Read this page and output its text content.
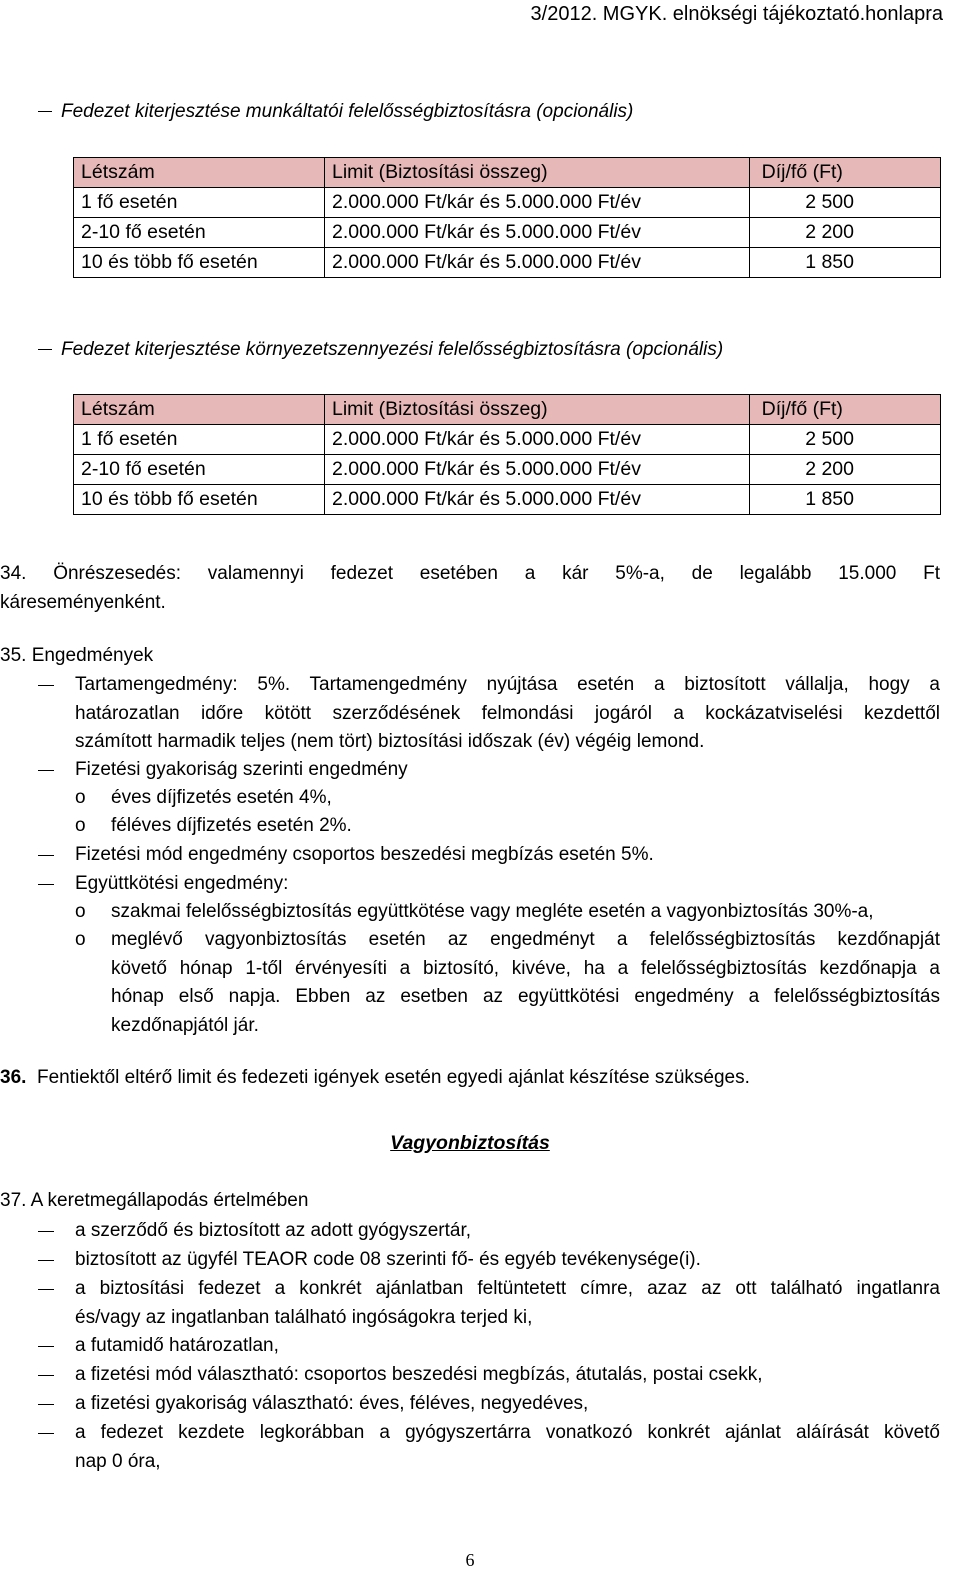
3/2012. MGYK. elnökségi tájékoztató.honlapra
Fedezet kiterjesztése munkáltatói felelősségbiztosításra (opcionális)
Létszám	Limit (Biztosítási összeg)	Díj/fő (Ft)
1 fő esetén	2.000.000 Ft/kár és 5.000.000 Ft/év	2 500
2-10 fő esetén	2.000.000 Ft/kár és 5.000.000 Ft/év	2 200
10 és több fő esetén	2.000.000 Ft/kár és 5.000.000 Ft/év	1 850
Fedezet kiterjesztése környezetszennyezési felelősségbiztosításra (opcionális)
Létszám	Limit (Biztosítási összeg)	Díj/fő (Ft)
1 fő esetén	2.000.000 Ft/kár és 5.000.000 Ft/év	2 500
2-10 fő esetén	2.000.000 Ft/kár és 5.000.000 Ft/év	2 200
10 és több fő esetén	2.000.000 Ft/kár és 5.000.000 Ft/év	1 850
34. Önrészesedés: valamennyi fedezet esetében a kár 5%-a, de legalább 15.000 Ft
káreseményenként.
35. Engedmények
Tartamengedmény: 5%. Tartamengedmény nyújtása esetén a biztosított vállalja, hogy a
határozatlan időre kötött szerződésének felmondási jogáról a kockázatviselési kezdettől
számított harmadik teljes (nem tört) biztosítási időszak (év) végéig lemond.
Fizetési gyakoriság szerinti engedmény
o éves díjfizetés esetén 4%,
o féléves díjfizetés esetén 2%.
Fizetési mód engedmény csoportos beszedési megbízás esetén 5%.
Együttkötési engedmény:
o szakmai felelősségbiztosítás együttkötése vagy megléte esetén a vagyonbiztosítás 30%-a,
o meglévő vagyonbiztosítás esetén az engedményt a felelősségbiztosítás kezdőnapját
követő hónap 1-től érvényesíti a biztosító, kivéve, ha a felelősségbiztosítás kezdőnapja a
hónap első napja. Ebben az esetben az együttkötési engedmény a felelősségbiztosítás
kezdőnapjától jár.
36. Fentiektől eltérő limit és fedezeti igények esetén egyedi ajánlat készítése szükséges.
Vagyonbiztosítás
37. A keretmegállapodás értelmében
a szerződő és biztosított az adott gyógyszertár,
biztosított az ügyfél TEAOR code 08 szerinti fő- és egyéb tevékenysége(i).
a biztosítási fedezet a konkrét ajánlatban feltüntetett címre, azaz az ott található ingatlanra
és/vagy az ingatlanban található ingóságokra terjed ki,
a futamidő határozatlan,
a fizetési mód választható: csoportos beszedési megbízás, átutalás, postai csekk,
a fizetési gyakoriság választható: éves, féléves, negyedéves,
a fedezet kezdete legkorábban a gyógyszertárra vonatkozó konkrét ajánlat aláírását követő
nap 0 óra,
6
